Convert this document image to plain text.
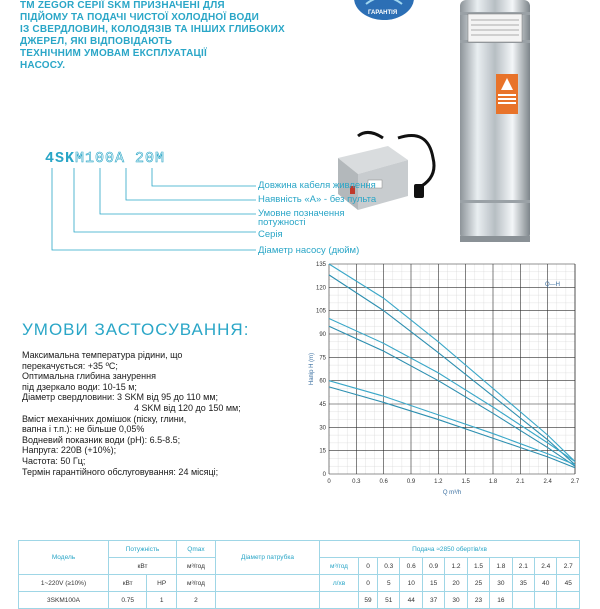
ТМ ZEGOR СЕРІЇ SKM ПРИЗНАЧЕНІ ДЛЯ
ПІДЙОМУ ТА ПОДАЧІ ЧИСТОЇ ХОЛОДНОЇ ВОДИ
ІЗ СВЕРДЛОВИН, КОЛОДЯЗІВ ТА ІНШИХ ГЛИБОКИХ
ДЖЕРЕЛ, ЯКІ ВІДПОВІДАЮТЬ
ТЕХНІЧНИМ УМОВАМ ЕКСПЛУАТАЦІЇ
НАСОСУ.
ГАРАНТІЯ
4SKM100A 20M
Довжина кабеля живлення
Наявність «А» - без пульта
Умовне позначення
потужності
Серія
Діаметр насосу (дюйм)
УМОВИ ЗАСТОСУВАННЯ:
Максимальна температура рідини, що
перекачується: +35 ºС;
Оптимальна глибина занурення
під дзеркало води: 10-15 м;
Діаметр свердловини: 3 SKM від 95 до 110 мм;
4 SKM від 120 до 150 мм;
Вміст механічних домішок (піску, глини,
вапна і т.п.): не більше 0,05%
Водневий показник води (pH): 6.5-8.5;
Напруга: 220В (+10%);
Частота: 50 Гц;
Термін гарантійного обслуговування: 24 місяці;
0	0.3	0.6	0.9	1.2	1.5	1.8	2.1	2.4	2.7
0
15
30
45
60
75
90
105
120
135
Q m³/h
Напір H (m)
Q—H
Модель	Потужність		Qmax	Діаметр патрубка	Подача ≈2850 обертів/хв										
	кВт		м³/год		м³/год	0	0.3	0.6	0.9	1.2	1.5	1.8	2.1	2.4	2.7
1~220V (≥10%)	кВт	HP	м³/год		л/хв	0	5	10	15	20	25	30	35	40	45
3SKM100A	0.75	1	2			59	51	44	37	30	23	16			
